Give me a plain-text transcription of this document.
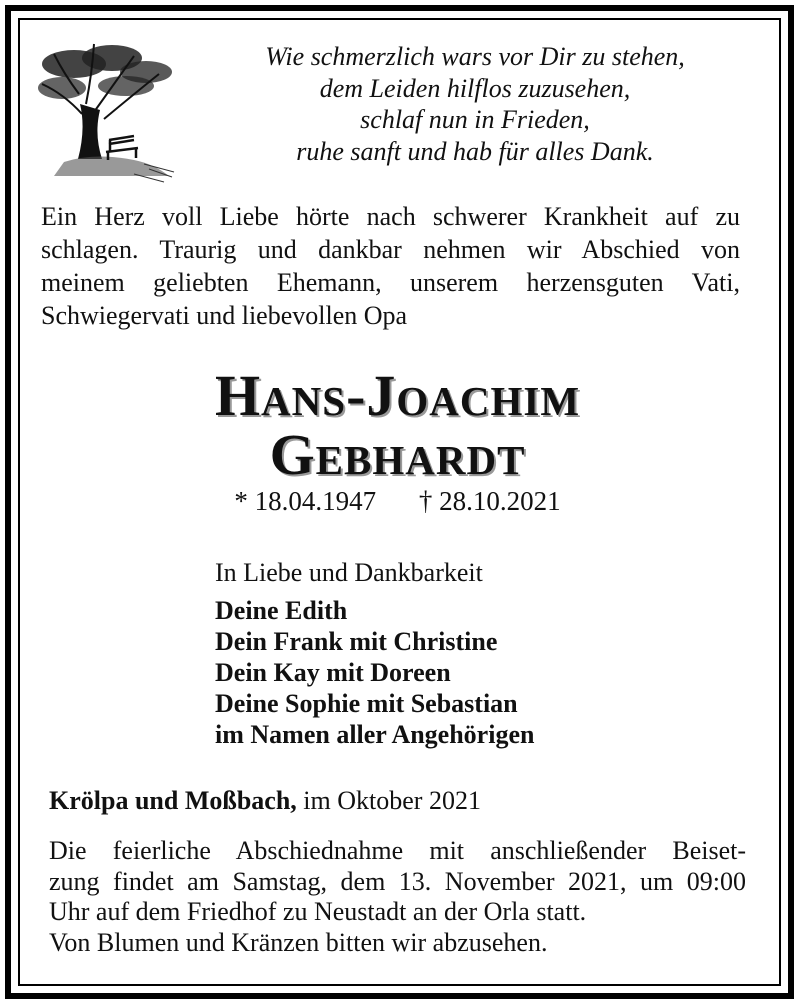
Wie schmerzlich wars vor Dir zu stehen,
dem Leiden hilflos zuzusehen,
schlaf nun in Frieden,
ruhe sanft und hab für alles Dank.
Ein Herz voll Liebe hörte nach schwerer Krankheit auf zu
schlagen. Traurig und dankbar nehmen wir Abschied von
meinem geliebten Ehemann, unserem herzensguten Vati,
Schwiegervati und liebevollen Opa
Hans-Joachim
Gebhardt
* 18.04.1947 † 28.10.2021
In Liebe und Dankbarkeit
Deine Edith
Dein Frank mit Christine
Dein Kay mit Doreen
Deine Sophie mit Sebastian
im Namen aller Angehörigen
Krölpa und Moßbach, im Oktober 2021
Die feierliche Abschiednahme mit anschließender Beiset-
zung findet am Samstag, dem 13. November 2021, um 09:00
Uhr auf dem Friedhof zu Neustadt an der Orla statt.
Von Blumen und Kränzen bitten wir abzusehen.
